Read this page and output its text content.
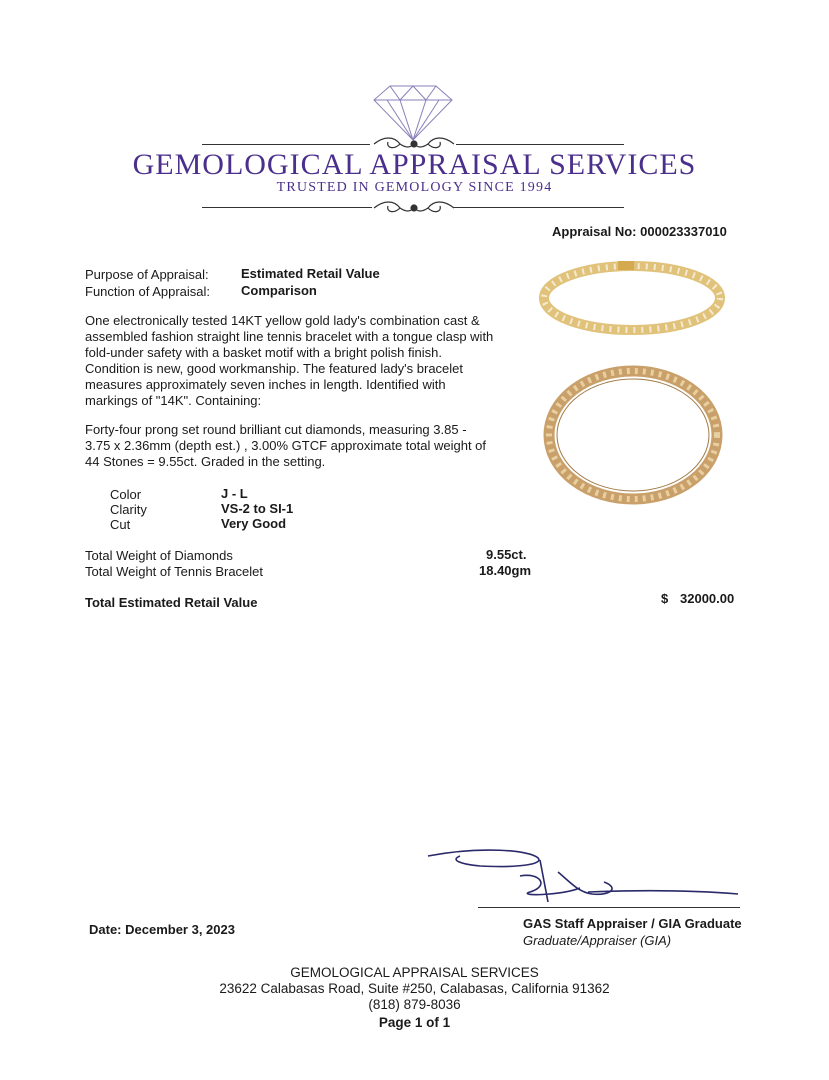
GEMOLOGICAL APPRAISAL SERVICES
TRUSTED IN GEMOLOGY SINCE 1994
Appraisal No: 000023337010
Purpose of Appraisal: Estimated Retail Value
Function of Appraisal: Comparison
One electronically tested 14KT yellow gold lady's combination cast & assembled fashion straight line tennis bracelet with a tongue clasp with fold-under safety with a basket motif with a bright polish finish. Condition is new, good workmanship. The featured lady's bracelet measures approximately seven inches in length. Identified with markings of "14K". Containing:
Forty-four prong set round brilliant cut diamonds, measuring 3.85 - 3.75 x 2.36mm (depth est.) , 3.00% GTCF approximate total weight of 44 Stones = 9.55ct. Graded in the setting.
Color	J - L
Clarity	VS-2 to SI-1
Cut	Very Good
Total Weight of Diamonds	9.55ct.
Total Weight of Tennis Bracelet	18.40gm
Total Estimated Retail Value	$ 32000.00
Date: December 3, 2023	GAS Staff Appraiser / GIA Graduate
Graduate/Appraiser (GIA)
GEMOLOGICAL APPRAISAL SERVICES
23622 Calabasas Road, Suite #250, Calabasas, California 91362
(818) 879-8036
Page 1 of 1
